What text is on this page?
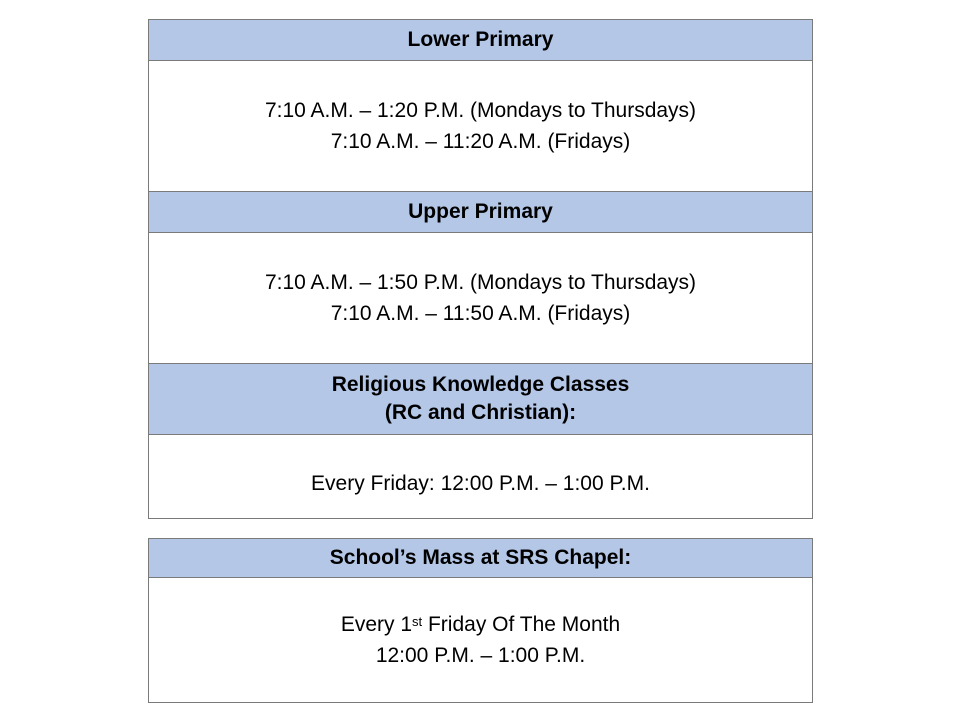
Lower Primary
7:10 A.M. – 1:20 P.M. (Mondays to Thursdays)
7:10 A.M. – 11:20 A.M. (Fridays)
Upper Primary
7:10 A.M. – 1:50 P.M. (Mondays to Thursdays)
7:10 A.M. – 11:50 A.M. (Fridays)
Religious Knowledge Classes
(RC and Christian):
Every Friday: 12:00 P.M. – 1:00 P.M.
School’s Mass at SRS Chapel:
Every 1st Friday Of The Month
12:00 P.M. – 1:00 P.M.
